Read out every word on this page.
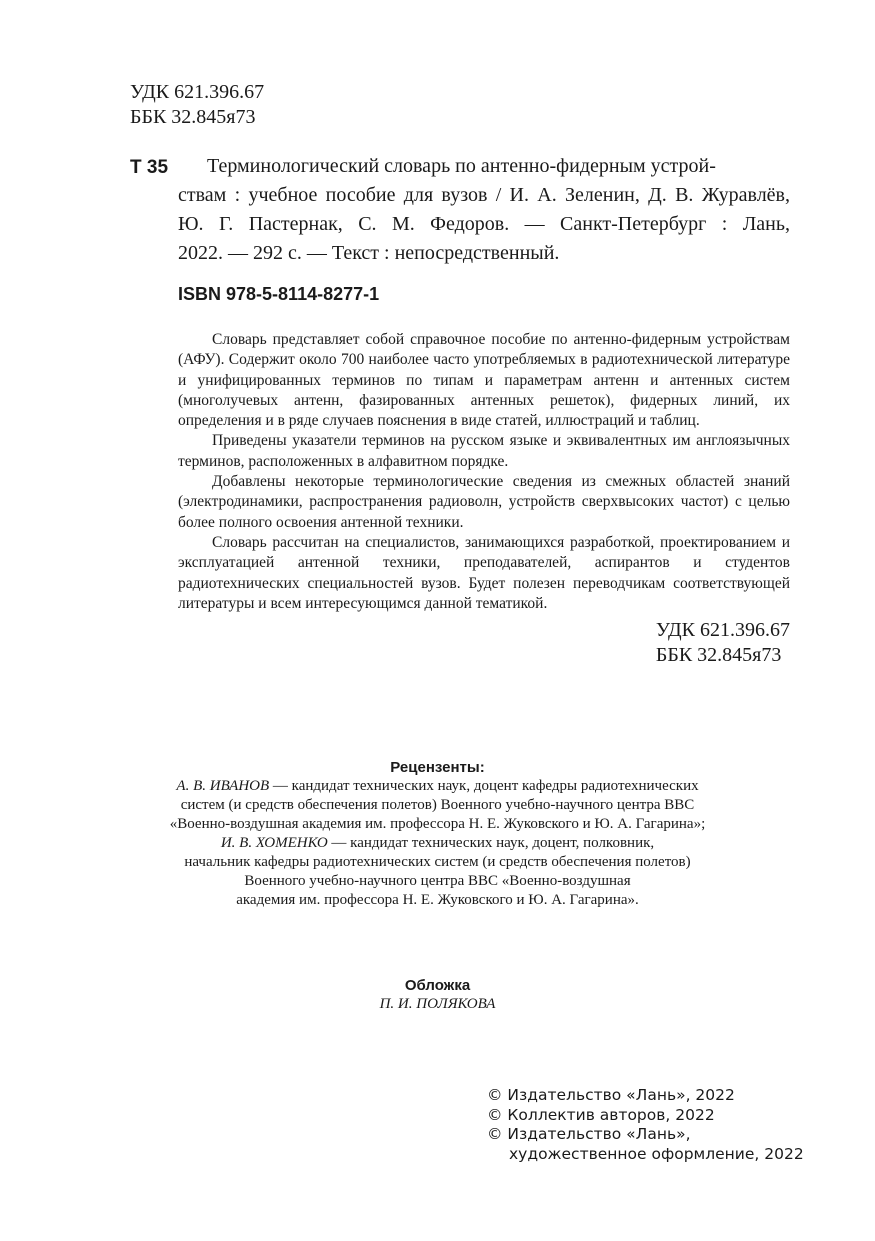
УДК 621.396.67
ББК 32.845я73
Т 35	Терминологический словарь по антенно-фидерным устрой-
ствам : учебное пособие для вузов / И. А. Зеленин, Д. В. Журавлёв,
Ю. Г. Пастернак, С. М. Федоров. — Санкт-Петербург : Лань,
2022. — 292 с. — Текст : непосредственный.
ISBN 978-5-8114-8277-1

Словарь представляет собой справочное пособие по антенно-фидерным устройствам (АФУ). Содержит около 700 наиболее часто употребляемых в радиотехнической литературе и унифицированных терминов по типам и параметрам антенн и антенных систем (многолучевых антенн, фазированных антенных решеток), фидерных линий, их определения и в ряде случаев пояснения в виде статей, иллюстраций и таблиц.

Приведены указатели терминов на русском языке и эквивалентных им англоязычных терминов, расположенных в алфавитном порядке.

Добавлены некоторые терминологические сведения из смежных областей знаний (электродинамики, распространения радиоволн, устройств сверхвысоких частот) с целью более полного освоения антенной техники.

Словарь рассчитан на специалистов, занимающихся разработкой, проектированием и эксплуатацией антенной техники, преподавателей, аспирантов и студентов радиотехнических специальностей вузов. Будет полезен переводчикам соответствующей литературы и всем интересующимся данной тематикой.

УДК 621.396.67
ББК 32.845я73
Рецензенты:
А. В. ИВАНОВ — кандидат технических наук, доцент кафедры радиотехнических
систем (и средств обеспечения полетов) Военного учебно-научного центра ВВС
«Военно-воздушная академия им. профессора Н. Е. Жуковского и Ю. А. Гагарина»;
И. В. ХОМЕНКО — кандидат технических наук, доцент, полковник,
начальник кафедры радиотехнических систем (и средств обеспечения полетов)
Военного учебно-научного центра ВВС «Военно-воздушная
академия им. профессора Н. Е. Жуковского и Ю. А. Гагарина».
Обложка
П. И. ПОЛЯКОВА
© Издательство «Лань», 2022
© Коллектив авторов, 2022
© Издательство «Лань»,
художественное оформление, 2022
